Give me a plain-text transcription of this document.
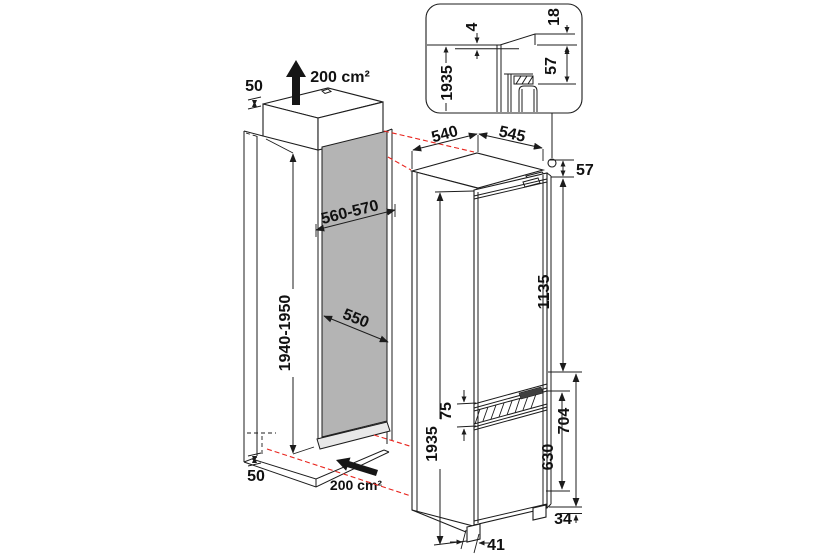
50
200 cm²
560-570
550
1940-1950
50	200 cm²
540 545
57
1135
1935
75	704
630
34
41
4
18
57
1935
